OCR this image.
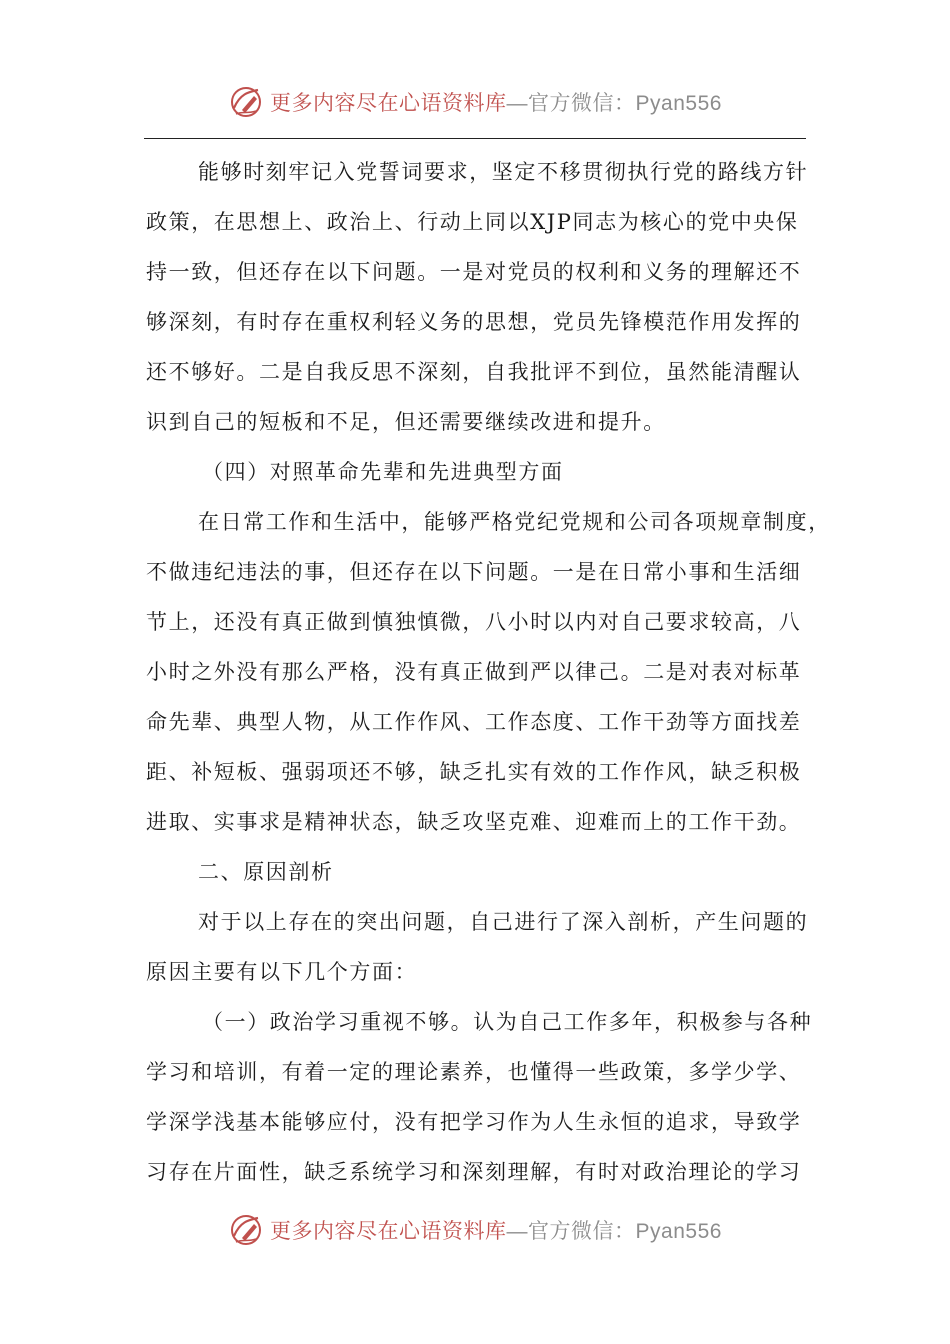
更多内容尽在心语资料库—官方微信：Pyan556
能够时刻牢记入党誓词要求，坚定不移贯彻执行党的路线方针
政策，在思想上、政治上、行动上同以XJP同志为核心的党中央保
持一致，但还存在以下问题。一是对党员的权利和义务的理解还不
够深刻，有时存在重权利轻义务的思想，党员先锋模范作用发挥的
还不够好。二是自我反思不深刻，自我批评不到位，虽然能清醒认
识到自己的短板和不足，但还需要继续改进和提升。
（四）对照革命先辈和先进典型方面
在日常工作和生活中，能够严格党纪党规和公司各项规章制度，
不做违纪违法的事，但还存在以下问题。一是在日常小事和生活细
节上，还没有真正做到慎独慎微，八小时以内对自己要求较高，八
小时之外没有那么严格，没有真正做到严以律己。二是对表对标革
命先辈、典型人物，从工作作风、工作态度、工作干劲等方面找差
距、补短板、强弱项还不够，缺乏扎实有效的工作作风，缺乏积极
进取、实事求是精神状态，缺乏攻坚克难、迎难而上的工作干劲。
二、原因剖析
对于以上存在的突出问题，自己进行了深入剖析，产生问题的
原因主要有以下几个方面：
（一）政治学习重视不够。认为自己工作多年，积极参与各种
学习和培训，有着一定的理论素养，也懂得一些政策，多学少学、
学深学浅基本能够应付，没有把学习作为人生永恒的追求，导致学
习存在片面性，缺乏系统学习和深刻理解，有时对政治理论的学习
更多内容尽在心语资料库—官方微信：Pyan556
